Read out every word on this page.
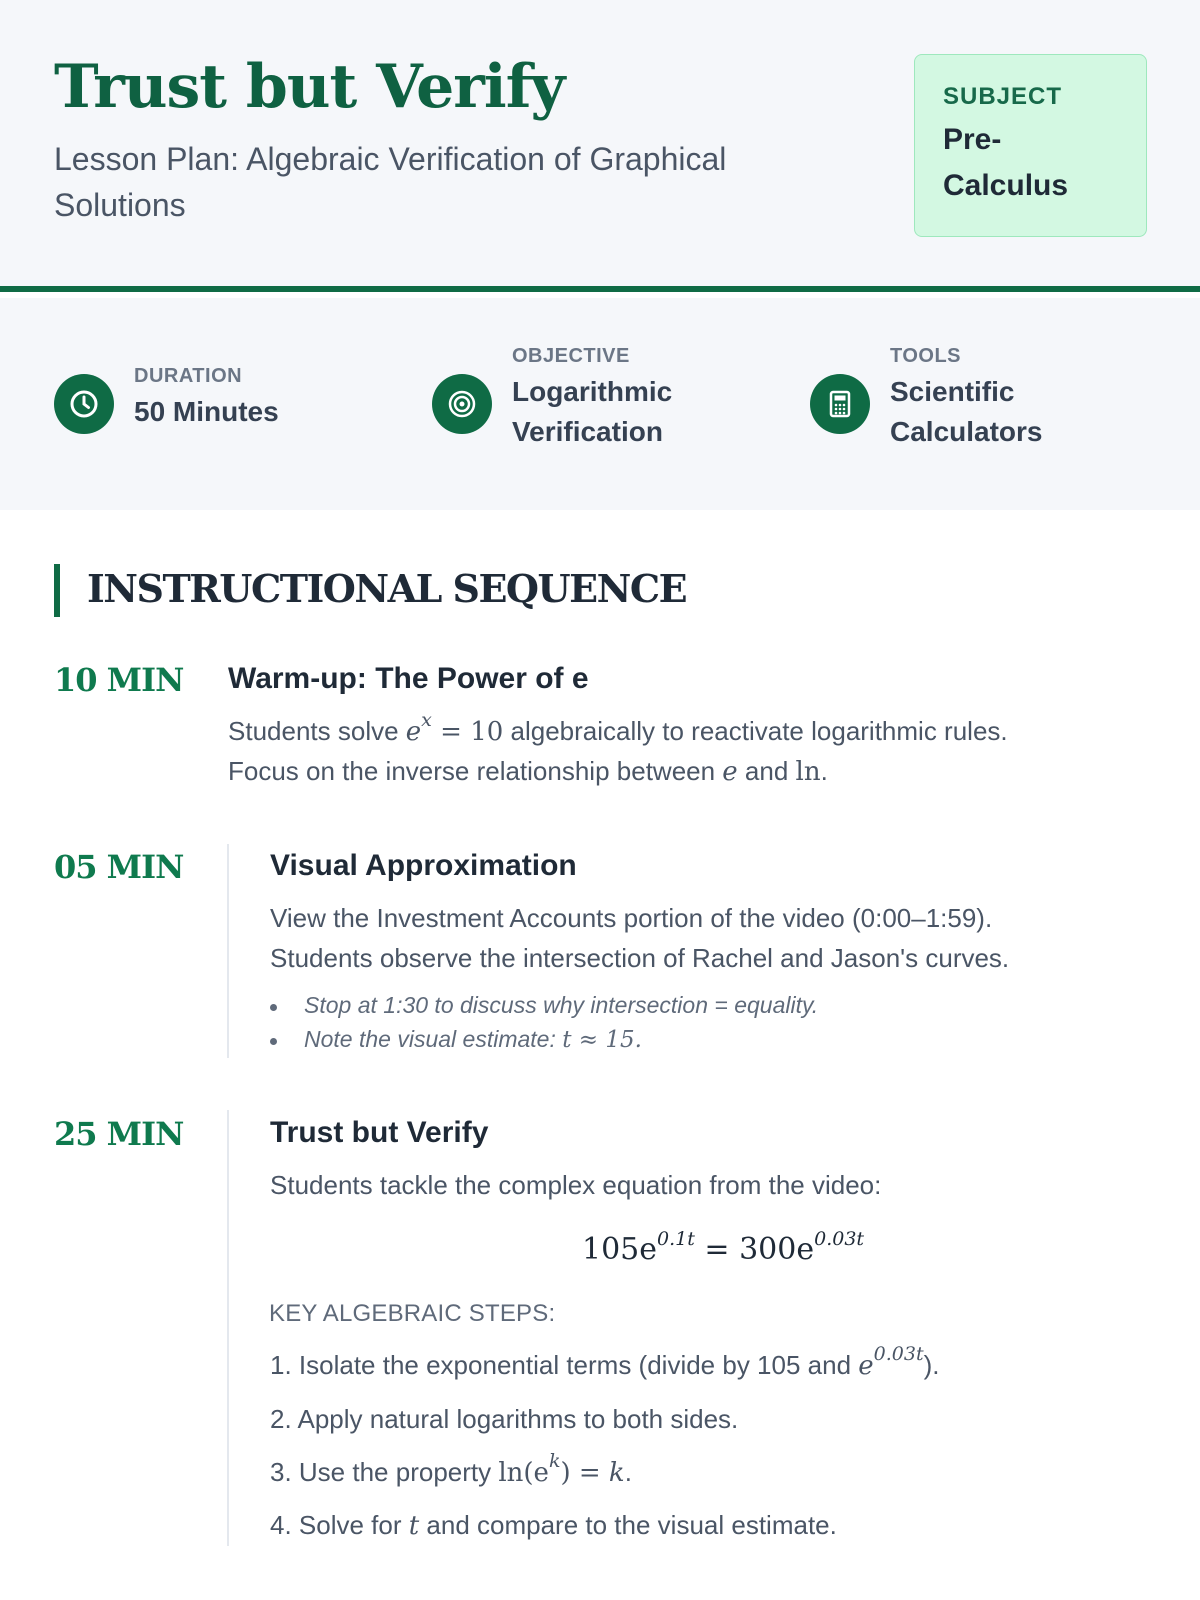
Trust but Verify
Lesson Plan: Algebraic Verification of Graphical Solutions
SUBJECT
Pre-Calculus
DURATION
50 Minutes
OBJECTIVE
Logarithmic Verification
TOOLS
Scientific Calculators
INSTRUCTIONAL SEQUENCE
10 MIN Warm-up: The Power of e
Students solve $e^x = 10$ algebraically to reactivate logarithmic rules.
Focus on the inverse relationship between e and ln.
05 MIN	Visual Approximation
View the Investment Accounts portion of the video (0:00–1:59).
Students observe the intersection of Rachel and Jason's curves.
Stop at 1:30 to discuss why intersection = equality.
Note the visual estimate: t ≈ 15.
25 MIN	Trust but Verify
Students tackle the complex equation from the video:
$105e^{0.1t} = 300e^{0.03t}$
KEY ALGEBRAIC STEPS:
1. Isolate the exponential terms (divide by 105 and $e^{0.03t}$).
2. Apply natural logarithms to both sides.
3. Use the property $\ln(e^k) = k$.
4. Solve for t and compare to the visual estimate.
